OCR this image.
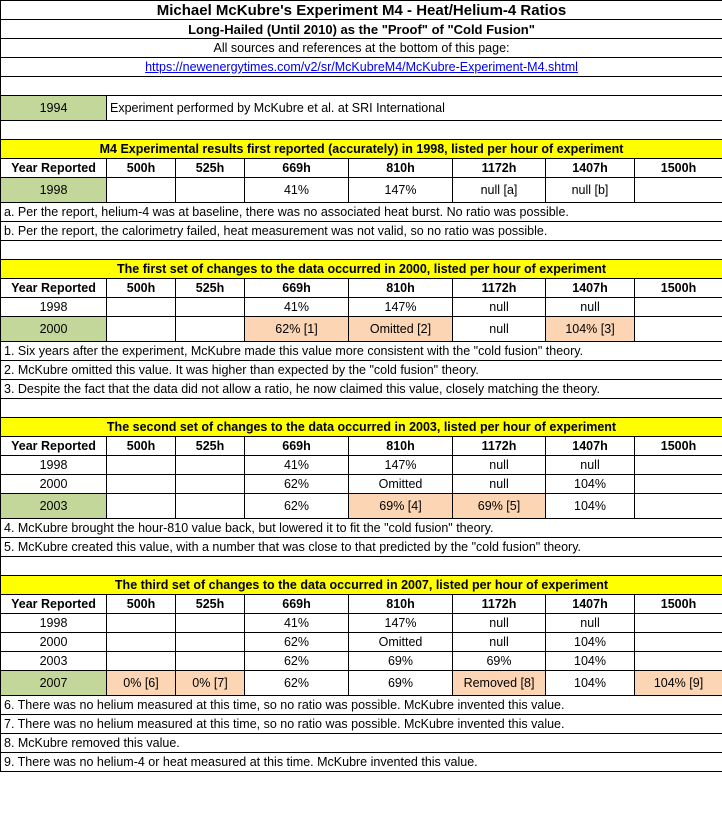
Michael McKubre's Experiment M4 - Heat/Helium-4 Ratios							
Long-Hailed (Until 2010) as the "Proof" of "Cold Fusion"							
All sources and references at the bottom of this page:							
https://newenergytimes.com/v2/sr/McKubreM4/McKubre-Experiment-M4.shtml							

1994	Experiment performed by McKubre et al. at SRI International						

M4 Experimental results first reported (accurately) in 1998, listed per hour of experiment							
Year Reported	500h	525h	669h	810h	1172h	1407h	1500h
1998			41%	147%	null [a]	null [b]	
a. Per the report, helium-4 was at baseline, there was no associated heat burst. No ratio was possible.							
b. Per the report, the calorimetry failed, heat measurement was not valid, so no ratio was possible.							

The first set of changes to the data occurred in 2000, listed per hour of experiment							
Year Reported	500h	525h	669h	810h	1172h	1407h	1500h
1998			41%	147%	null	null	
2000			62% [1]	Omitted [2]	null	104% [3]	
1. Six years after the experiment, McKubre made this value more consistent with the "cold fusion" theory.							
2. McKubre omitted this value. It was higher than expected by the "cold fusion" theory.							
3. Despite the fact that the data did not allow a ratio, he now claimed this value, closely matching the theory.							

The second set of changes to the data occurred in 2003, listed per hour of experiment							
Year Reported	500h	525h	669h	810h	1172h	1407h	1500h
1998			41%	147%	null	null	
2000			62%	Omitted	null	104%	
2003			62%	69% [4]	69% [5]	104%	
4. McKubre brought the hour-810 value back, but lowered it to fit the "cold fusion" theory.							
5. McKubre created this value, with a number that was close to that predicted by the "cold fusion" theory.							

The third set of changes to the data occurred in 2007, listed per hour of experiment							
Year Reported	500h	525h	669h	810h	1172h	1407h	1500h
1998			41%	147%	null	null	
2000			62%	Omitted	null	104%	
2003			62%	69%	69%	104%	
2007	0% [6]	0% [7]	62%	69%	Removed [8]	104%	104% [9]
6. There was no helium measured at this time, so no ratio was possible. McKubre invented this value.							
7. There was no helium measured at this time, so no ratio was possible. McKubre invented this value.							
8. McKubre removed this value.							
9. There was no helium-4 or heat measured at this time. McKubre invented this value.							
